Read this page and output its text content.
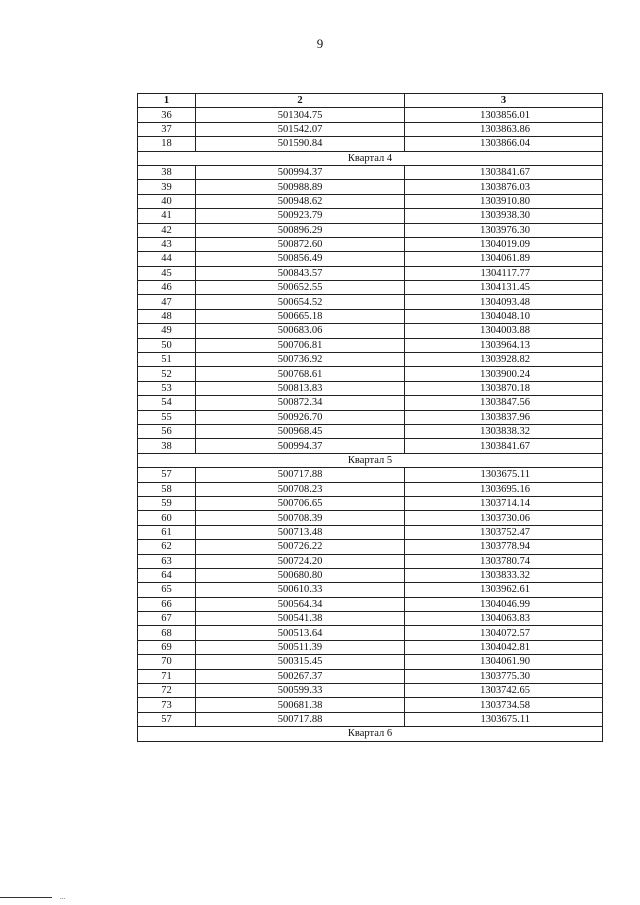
9
1	2	3
36	501304.75	1303856.01
37	501542.07	1303863.86
18	501590.84	1303866.04
Квартал 4		
38	500994.37	1303841.67
39	500988.89	1303876.03
40	500948.62	1303910.80
41	500923.79	1303938.30
42	500896.29	1303976.30
43	500872.60	1304019.09
44	500856.49	1304061.89
45	500843.57	1304117.77
46	500652.55	1304131.45
47	500654.52	1304093.48
48	500665.18	1304048.10
49	500683.06	1304003.88
50	500706.81	1303964.13
51	500736.92	1303928.82
52	500768.61	1303900.24
53	500813.83	1303870.18
54	500872.34	1303847.56
55	500926.70	1303837.96
56	500968.45	1303838.32
38	500994.37	1303841.67
Квартал 5		
57	500717.88	1303675.11
58	500708.23	1303695.16
59	500706.65	1303714.14
60	500708.39	1303730.06
61	500713.48	1303752.47
62	500726.22	1303778.94
63	500724.20	1303780.74
64	500680.80	1303833.32
65	500610.33	1303962.61
66	500564.34	1304046.99
67	500541.38	1304063.83
68	500513.64	1304072.57
69	500511.39	1304042.81
70	500315.45	1304061.90
71	500267.37	1303775.30
72	500599.33	1303742.65
73	500681.38	1303734.58
57	500717.88	1303675.11
Квартал 6		
...
